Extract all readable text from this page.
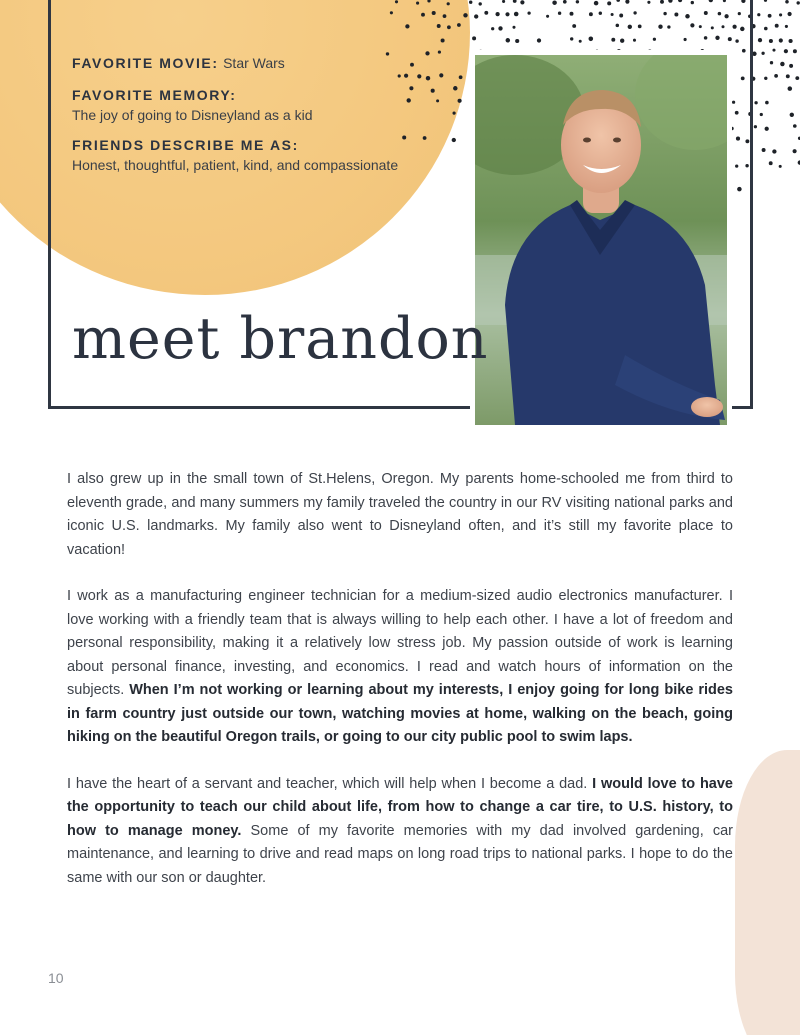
FAVORITE MOVIE: Star Wars
FAVORITE MEMORY:
The joy of going to Disneyland as a kid
FRIENDS DESCRIBE ME AS:
Honest, thoughtful, patient, kind, and compassionate
meet brandon

I also grew up in the small town of St.Helens, Oregon. My parents home-schooled me from third to eleventh grade, and many summers my family traveled the country in our RV visiting national parks and iconic U.S. landmarks. My family also went to Disneyland often, and it’s still my favorite place to vacation!

I work as a manufacturing engineer technician for a medium-sized audio electronics manufacturer. I love working with a friendly team that is always willing to help each other. I have a lot of freedom and personal responsibility, making it a relatively low stress job. My passion outside of work is learning about personal finance, investing, and economics. I read and watch hours of information on the subjects. When I’m not working or learning about my interests, I enjoy going for long bike rides in farm country just outside our town, watching movies at home, walking on the beach, going hiking on the beautiful Oregon trails, or going to our city public pool to swim laps.

I have the heart of a servant and teacher, which will help when I become a dad. I would love to have the opportunity to teach our child about life, from how to change a car tire, to U.S. history, to how to manage money. Some of my favorite memories with my dad involved gardening, car maintenance, and learning to drive and read maps on long road trips to national parks. I hope to do the same with our son or daughter.

10
